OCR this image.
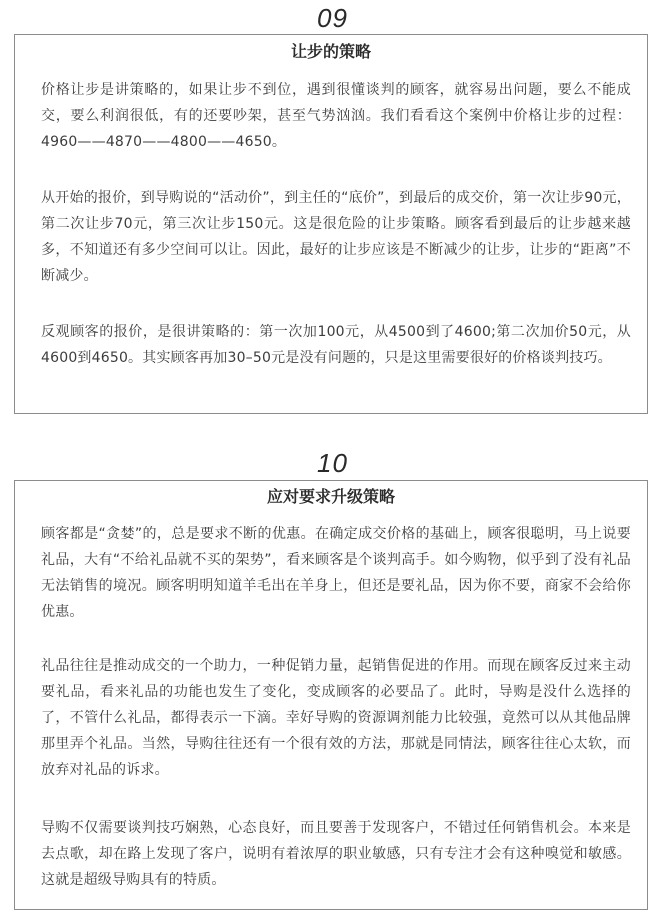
09
让步的策略

价格让步是讲策略的，如果让步不到位，遇到很懂谈判的顾客，就容易出问题，要么不能成交，要么利润很低，有的还要吵架，甚至气势汹汹。我们看看这个案例中价格让步的过程：4960——4870——4800——4650。

从开始的报价，到导购说的“活动价”，到主任的“底价”，到最后的成交价，第一次让步90元，第二次让步70元，第三次让步150元。这是很危险的让步策略。顾客看到最后的让步越来越多，不知道还有多少空间可以让。因此，最好的让步应该是不断减少的让步，让步的“距离”不断减少。

反观顾客的报价，是很讲策略的：第一次加100元，从4500到了4600;第二次加价50元，从4600到4650。其实顾客再加30–50元是没有问题的，只是这里需要很好的价格谈判技巧。

10
应对要求升级策略

顾客都是“贪婪”的，总是要求不断的优惠。在确定成交价格的基础上，顾客很聪明，马上说要礼品，大有“不给礼品就不买的架势”，看来顾客是个谈判高手。如今购物，似乎到了没有礼品无法销售的境况。顾客明明知道羊毛出在羊身上，但还是要礼品，因为你不要，商家不会给你优惠。

礼品往往是推动成交的一个助力，一种促销力量，起销售促进的作用。而现在顾客反过来主动要礼品，看来礼品的功能也发生了变化，变成顾客的必要品了。此时，导购是没什么选择的了，不管什么礼品，都得表示一下滴。幸好导购的资源调剂能力比较强，竟然可以从其他品牌那里弄个礼品。当然，导购往往还有一个很有效的方法，那就是同情法，顾客往往心太软，而放弃对礼品的诉求。

导购不仅需要谈判技巧娴熟，心态良好，而且要善于发现客户，不错过任何销售机会。本来是去点歌，却在路上发现了客户，说明有着浓厚的职业敏感，只有专注才会有这种嗅觉和敏感。这就是超级导购具有的特质。
